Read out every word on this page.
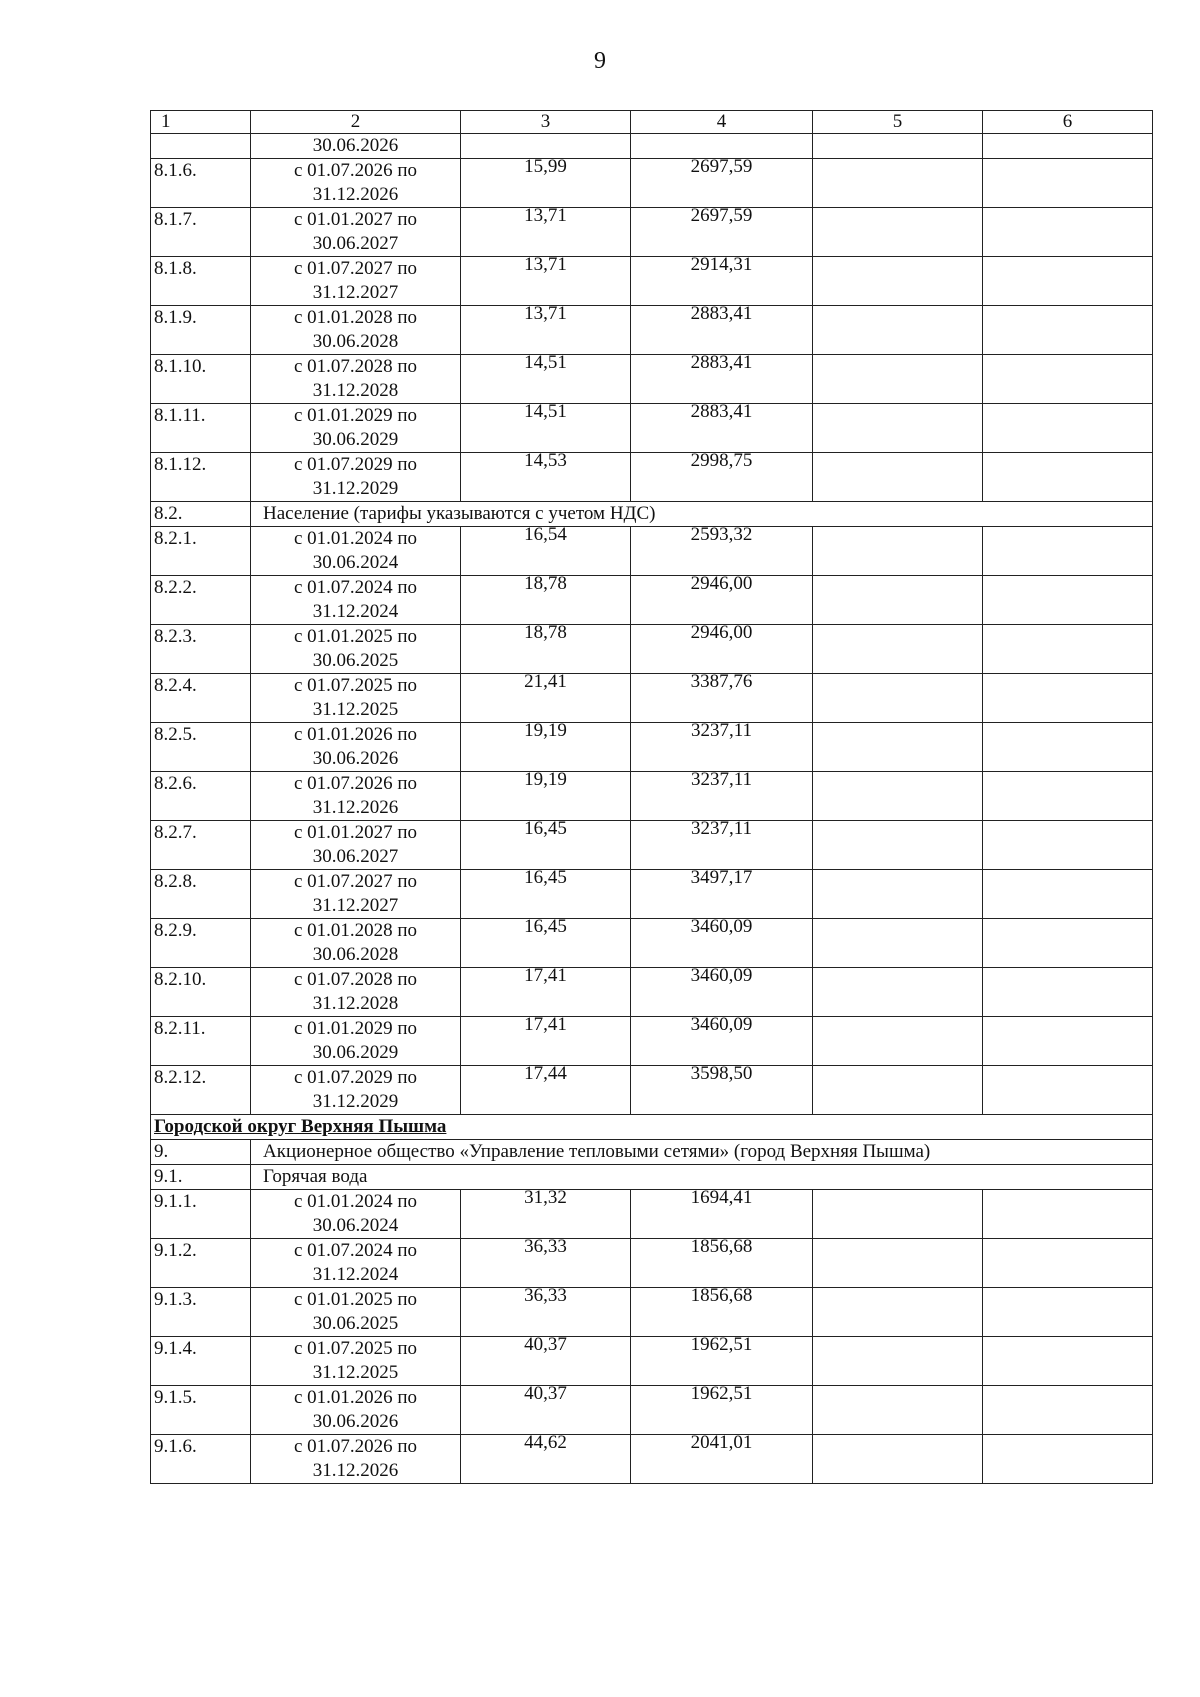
9
1	2	3	4	5	6
	30.06.2026				
8.1.6.	с 01.07.2026 по
31.12.2026	15,99	2697,59		

8.1.7.	с 01.01.2027 по
30.06.2027	13,71	2697,59		

8.1.8.	с 01.07.2027 по
31.12.2027	13,71	2914,31		

8.1.9.	с 01.01.2028 по
30.06.2028	13,71	2883,41		

8.1.10.	с 01.07.2028 по
31.12.2028	14,51	2883,41		

8.1.11.	с 01.01.2029 по
30.06.2029	14,51	2883,41		

8.1.12.	с 01.07.2029 по
31.12.2029	14,53	2998,75		

8.2.	Население (тарифы указываются с учетом НДС)				
8.2.1.	с 01.01.2024 по
30.06.2024	16,54	2593,32		

8.2.2.	с 01.07.2024 по
31.12.2024	18,78	2946,00		

8.2.3.	с 01.01.2025 по
30.06.2025	18,78	2946,00		

8.2.4.	с 01.07.2025 по
31.12.2025	21,41	3387,76		

8.2.5.	с 01.01.2026 по
30.06.2026	19,19	3237,11		

8.2.6.	с 01.07.2026 по
31.12.2026	19,19	3237,11		

8.2.7.	с 01.01.2027 по
30.06.2027	16,45	3237,11		

8.2.8.	с 01.07.2027 по
31.12.2027	16,45	3497,17		

8.2.9.	с 01.01.2028 по
30.06.2028	16,45	3460,09		

8.2.10.	с 01.07.2028 по
31.12.2028	17,41	3460,09		

8.2.11.	с 01.01.2029 по
30.06.2029	17,41	3460,09		

8.2.12.	с 01.07.2029 по
31.12.2029	17,44	3598,50		

Городской округ Верхняя Пышма					
9.	Акционерное общество «Управление тепловыми сетями» (город Верхняя Пышма)				
9.1.	Горячая вода				
9.1.1.	с 01.01.2024 по
30.06.2024	31,32	1694,41		

9.1.2.	с 01.07.2024 по
31.12.2024	36,33	1856,68		

9.1.3.	с 01.01.2025 по
30.06.2025	36,33	1856,68		

9.1.4.	с 01.07.2025 по
31.12.2025	40,37	1962,51		

9.1.5.	с 01.01.2026 по
30.06.2026	40,37	1962,51		

9.1.6.	с 01.07.2026 по
31.12.2026	44,62	2041,01		
